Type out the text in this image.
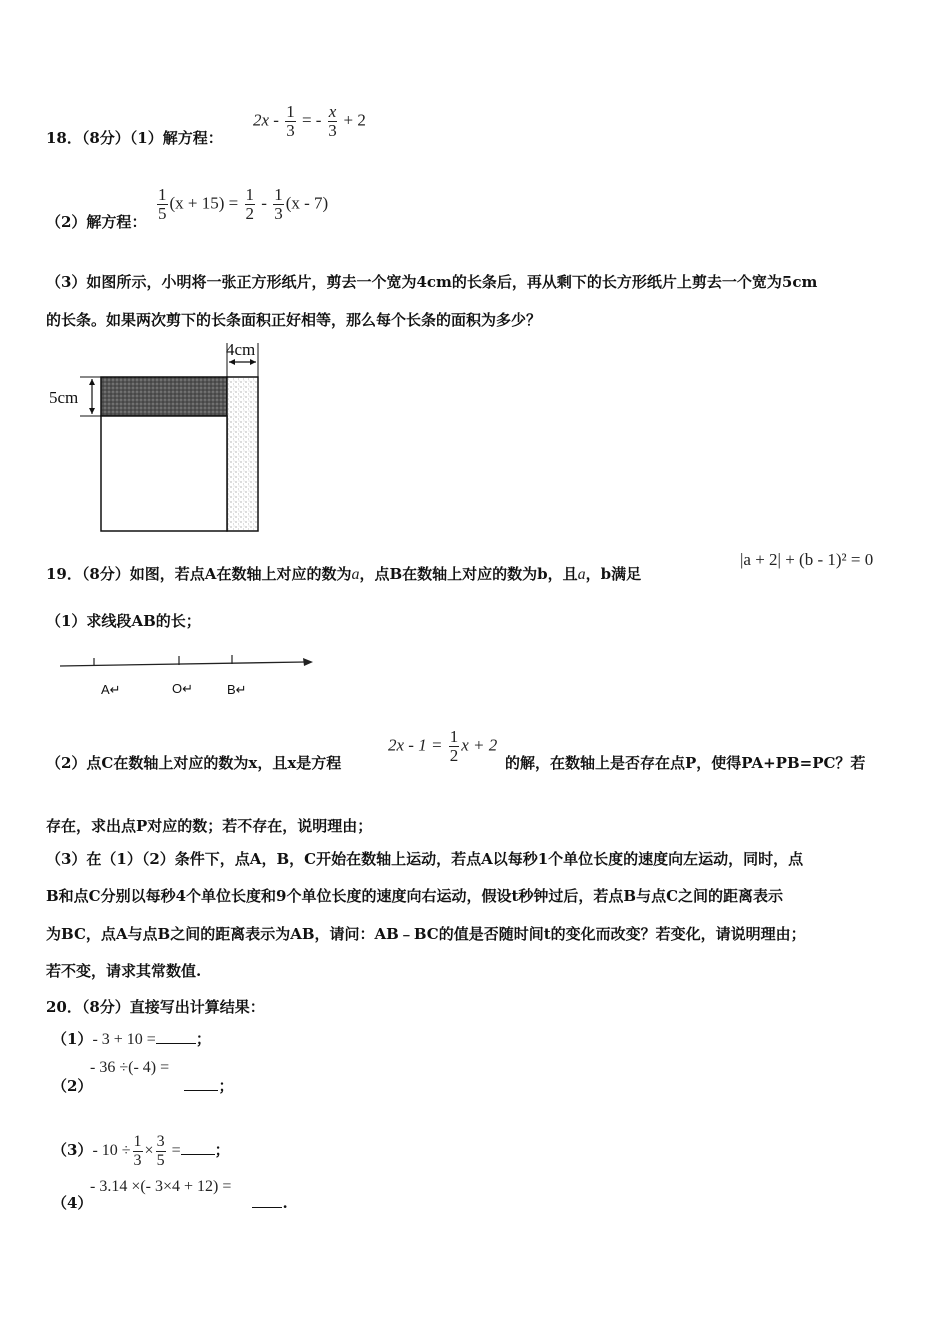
18．（8分）（1）解方程：
$2x - \frac{1}{3}$ = - $\frac{x}{3} + 2$
（2）解方程： $\frac{1}{5} (x + 15) = \frac{1}{2} - \frac{1}{3} (x - 7)$
（3）如图所示，小明将一张正方形纸片，剪去一个宽为4cm的长条后，再从剩下的长方形纸片上剪去一个宽为5cm
的长条。如果两次剪下的长条面积正好相等，那么每个长条的面积为多少？
4cm
5cm
19．（8分）如图，若点A在数轴上对应的数为a，点B在数轴上对应的数为b，且a，b满足
|a + 2| + (b - 1)² = 0
（1）求线段AB的长；
A↵	O↵	B↵
（2）点C在数轴上对应的数为x，且x是方程
$2x - 1 = \frac{1}{2}$ x + 2
的解，在数轴上是否存在点P，使得PA+PB=PC？若
存在，求出点P对应的数；若不存在，说明理由；
（3）在（1）（2）条件下，点A，B，C开始在数轴上运动，若点A以每秒1个单位长度的速度向左运动，同时，点
B和点C分别以每秒4个单位长度和9个单位长度的速度向右运动，假设t秒钟过后，若点B与点C之间的距离表示
为BC，点A与点B之间的距离表示为AB，请问：AB﹣BC的值是否随时间t的变化而改变？若变化，请说明理由；
若不变，请求其常数值.
20．（8分）直接写出计算结果：
（1）- 3 + 10 =	；
- 36 ÷(- 4) =
（2）	；
（3）- $10 \div \frac{1}{3} \times \frac{3}{5}$ = ；
- 3.14 ×(- 3×4 + 12) =
（4）	.
